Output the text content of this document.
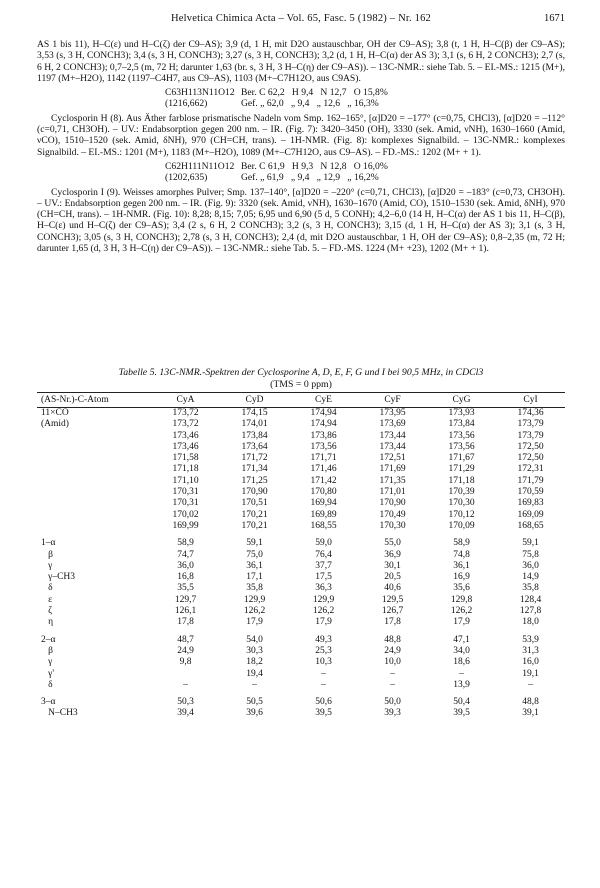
Helvetica Chimica Acta – Vol. 65, Fasc. 5 (1982) – Nr. 162	1671

AS 1 bis 11), H–C(ε) und H–C(ζ) der C9–AS); 3,9 (d, 1 H, mit D2O austauschbar, OH der C9–AS); 3,8 (t, 1 H, H–C(β) der C9–AS); 3,53 (s, 3 H, CONCH3); 3,4 (s, 3 H, CONCH3); 3,27 (s, 3 H, CONCH3); 3,2 (d, 1 H, H–C(α) der AS 3); 3,1 (s, 6 H, 2 CONCH3); 2,7 (s, 6 H, 2 CONCH3); 0,7–2,5 (m, 72 H; darunter 1,63 (br. s, 3 H, 3 H–C(η) der C9–AS)). – 13C-NMR.: siehe Tab. 5. – EI.-MS.: 1215 (M+), 1197 (M+–H2O), 1142 (1197–C4H7, aus C9–AS), 1103 (M+–C7H12O, aus C9AS).

C63H113N11O12
(1216,662)
Ber. C 62,2   H 9,4   N 12,7   O 15,8%
Gef. „ 62,0   „ 9,4   „ 12,6   „ 16,3%

Cyclosporin H (8). Aus Äther farblose prismatische Nadeln vom Smp. 162–165°, [α]D20 = –177° (c=0,75, CHCl3), [α]D20 = –112° (c=0,71, CH3OH). – UV.: Endabsorption gegen 200 nm. – IR. (Fig. 7): 3420–3450 (OH), 3330 (sek. Amid, νNH), 1630–1660 (Amid, νCO), 1510–1520 (sek. Amid, δNH), 970 (CH=CH, trans). – 1H-NMR. (Fig. 8): komplexes Signalbild. – 13C-NMR.: komplexes Signalbild. – EI.-MS.: 1201 (M+), 1183 (M+–H2O), 1089 (M+–C7H12O, aus C9–AS). – FD.-MS.: 1202 (M+ + 1).

C62H111N11O12
(1202,635)
Ber. C 61,9   H 9,3   N 12,8   O 16,0%
Gef. „ 61,9   „ 9,4   „ 12,9   „ 16,2%

Cyclosporin I (9). Weisses amorphes Pulver; Smp. 137–140°, [α]D20 = –220° (c=0,71, CHCl3), [α]D20 = –183° (c=0,73, CH3OH). – UV.: Endabsorption gegen 200 nm. – IR. (Fig. 9): 3320 (sek. Amid, νNH), 1630–1670 (Amid, CO), 1510–1530 (sek. Amid, δNH), 970 (CH=CH, trans). – 1H-NMR. (Fig. 10): 8,28; 8,15; 7,05; 6,95 und 6,90 (5 d, 5 CONH); 4,2–6,0 (14 H, H–C(α) der AS 1 bis 11, H–C(β), H–C(ε) und H–C(ζ) der C9–AS); 3,4 (2 s, 6 H, 2 CONCH3); 3,2 (s, 3 H, CONCH3); 3,15 (d, 1 H, H–C(α) der AS 3); 3,1 (s, 3 H, CONCH3); 3,05 (s, 3 H, CONCH3); 2,78 (s, 3 H, CONCH3); 2,4 (d, mit D2O austauschbar, 1 H, OH der C9–AS); 0,8–2,35 (m, 72 H; darunter 1,65 (d, 3 H, 3 H–C(η) der C9–AS)). – 13C-NMR.: siehe Tab. 5. – FD.-MS. 1224 (M+ +23), 1202 (M+ + 1).

Tabelle 5. 13C-NMR.-Spektren der Cyclosporine A, D, E, F, G und I bei 90,5 MHz, in CDCl3
(TMS = 0 ppm)
(AS-Nr.)-C-Atom	CyA	CyD	CyE	CyF	CyG	CyI
11×CO	173,72	174,15	174,94	173,95	173,93	174,36
(Amid)	173,72	174,01	174,94	173,69	173,84	173,79
	173,46	173,84	173,86	173,44	173,56	173,79
	173,46	173,64	173,56	173,44	173,56	172,50
	171,58	171,72	171,71	172,51	171,67	172,50
	171,18	171,34	171,46	171,69	171,29	172,31
	171,10	171,25	171,42	171,35	171,18	171,79
	170,31	170,90	170,80	171,01	170,39	170,59
	170,31	170,51	169,94	170,90	170,30	169,83
	170,02	170,21	169,89	170,49	170,12	169,09
	169,99	170,21	168,55	170,30	170,09	168,65

1–α	58,9	59,1	59,0	55,0	58,9	59,1
β	74,7	75,0	76,4	36,9	74,8	75,8
γ	36,0	36,1	37,7	30,1	36,1	36,0
γ–CH3	16,8	17,1	17,5	20,5	16,9	14,9
δ	35,5	35,8	36,3	40,6	35,6	35,8
ε	129,7	129,9	129,9	129,5	129,8	128,4
ζ	126,1	126,2	126,2	126,7	126,2	127,8
η	17,8	17,9	17,9	17,8	17,9	18,0

2–α	48,7	54,0	49,3	48,8	47,1	53,9
β	24,9	30,3	25,3	24,9	34,0	31,3
γ	9,8	18,2	10,3	10,0	18,6	16,0
γ'		19,4	–	–	–	19,1
δ	–	–	–	–	13,9	–

3–α	50,3	50,5	50,6	50,0	50,4	48,8
N–CH3	39,4	39,6	39,5	39,3	39,5	39,1
